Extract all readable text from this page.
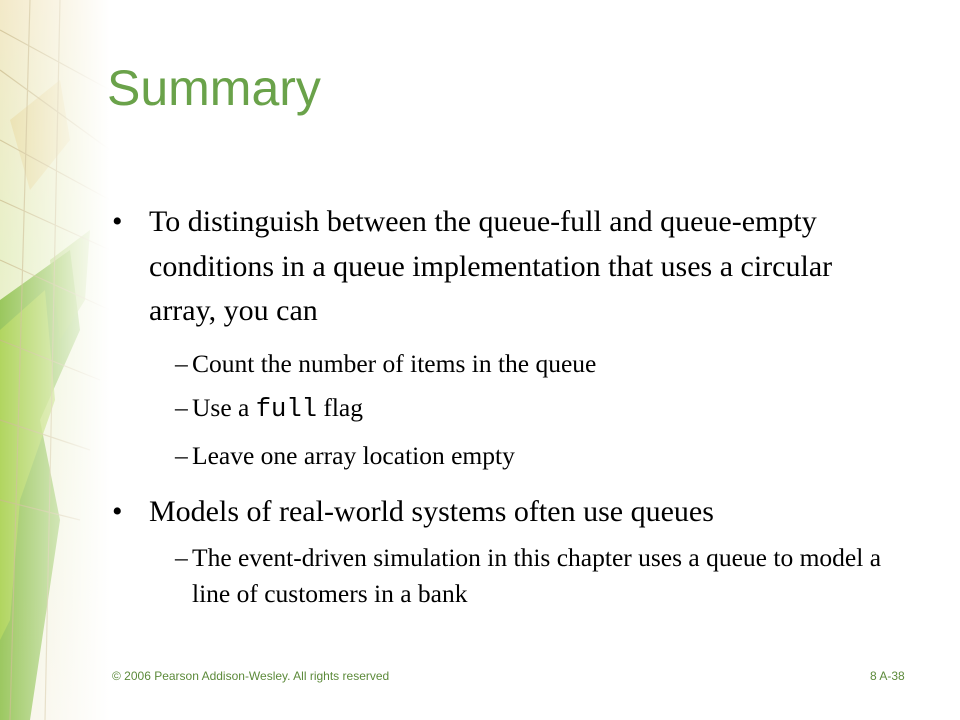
Summary
• To distinguish between the queue-full and queue-empty conditions in a queue implementation that uses a circular array, you can
– Count the number of items in the queue
– Use a full flag
– Leave one array location empty
• Models of real-world systems often use queues
– The event-driven simulation in this chapter uses a queue to model a line of customers in a bank
© 2006 Pearson Addison-Wesley. All rights reserved	8 A-38
